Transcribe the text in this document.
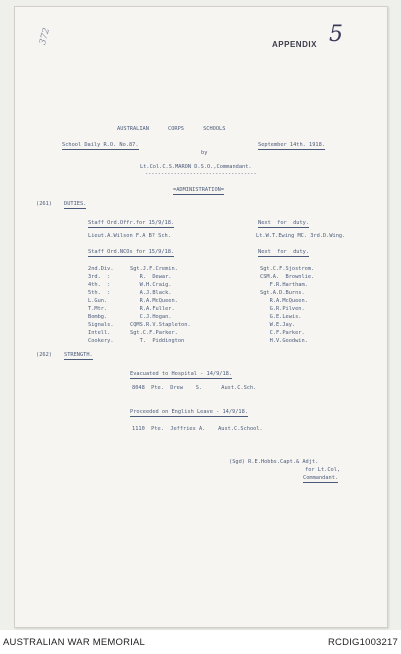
372	APPENDIX 5
AUSTRALIAN      CORPS      SCHOOLS
School Daily R.O. No.87.	September 14th. 1918.
by
Lt.Col.C.S.MARON D.S.O.,Commandant.
-----------------------------------
=ADMINISTRATION=
(261) DUTIES.
Staff Ord.Offr.for 15/9/18.	Next  for  duty.
Lieut.A.Wilson F.A B? Sch.	Lt.W.T.Ewing MC. 3rd.D.Wing.
Staff Ord.NCOs for 15/9/18.	Next  for  duty.
2nd.Div.	Sgt.J.F.Cremin.	Sgt.C.F.Sjostrom.
3rd.  :	R.  Dewar.	CSM.A.  Brownlie.
4th.  :	W.H.Craig.	F.R.Hartham.
5th.  :	A.J.Black.	Sgt.A.D.Burns.
L.Gun.	R.A.McQueen.	R.A.McQueen.
T.Mtr.	R.A.Fuller.	G.R.Pilven.
Bombg.	C.J.Hogan.	G.E.Lewis.
Signals.	CQMS.R.V.Stapleton.	W.E.Jay.
Intell.	Sgt.C.F.Parker.	C.F.Parker.
Cookery.	T.  Piddington	H.V.Goodwin.
(262) STRENGTH.
Evacuated to Hospital - 14/9/18.
8048  Pte.  Drew    S.      Aust.C.Sch.
Proceeded on English Leave - 14/9/18.
1110  Pte.  Jeffries A.    Aust.C.School.
(Sgd) R.E.Hobbs.Capt.& Adjt.
for Lt.Col,
Commandant.
AUSTRALIAN WAR MEMORIAL	RCDIG1003217
